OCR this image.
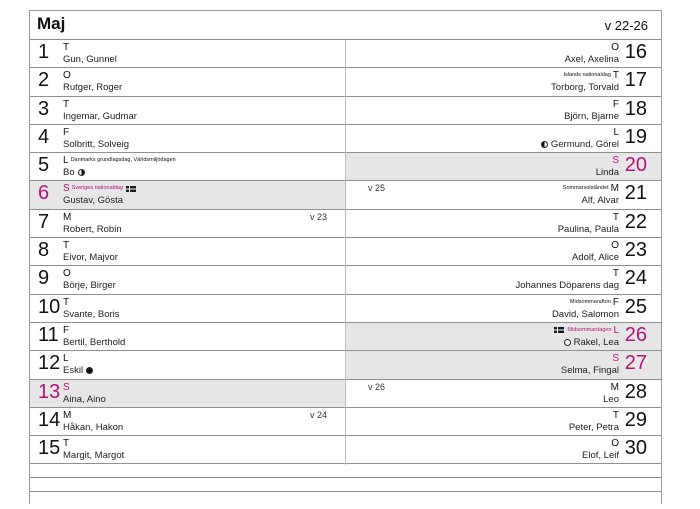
Maj	v 22-26
1 T
Gun, Gunnel
2 O
Rutger, Roger
3 T
Ingemar, Gudmar
4 F
Solbritt, Solveig
5 L Danmarks grundlagsdag, Världsmiljödagen
Bo
6 S Sveriges nationaldag
Gustav, Gösta
7 M	v 23
Robert, Robin
8 T
Eivor, Majvor
9 O
Börje, Birger
10 T
Svante, Boris
11 F
Bertil, Berthold
12 L
Eskil
13 S
Aina, Aino
14 M	v 24
Håkan, Hakon
15 T
Margit, Margot
16
O
Axel, Axelina
17
Islands nationaldag T
Torborg, Torvald
18
F
Björn, Bjarne
19
L
Germund, Görel
20
S
Linda
21
v 25	Sommarsolståndet M
Alf, Alvar
22
T
Paulina, Paula
23
O
Adolf, Alice
24
T
Johannes Döparens dag
25
Midsommarafton F
David, Salomon
26
Midsommardagen L
Rakel, Lea
27
S
Selma, Fingal
28
v 26	M
Leo
29
T
Peter, Petra
30
O
Elof, Leif
